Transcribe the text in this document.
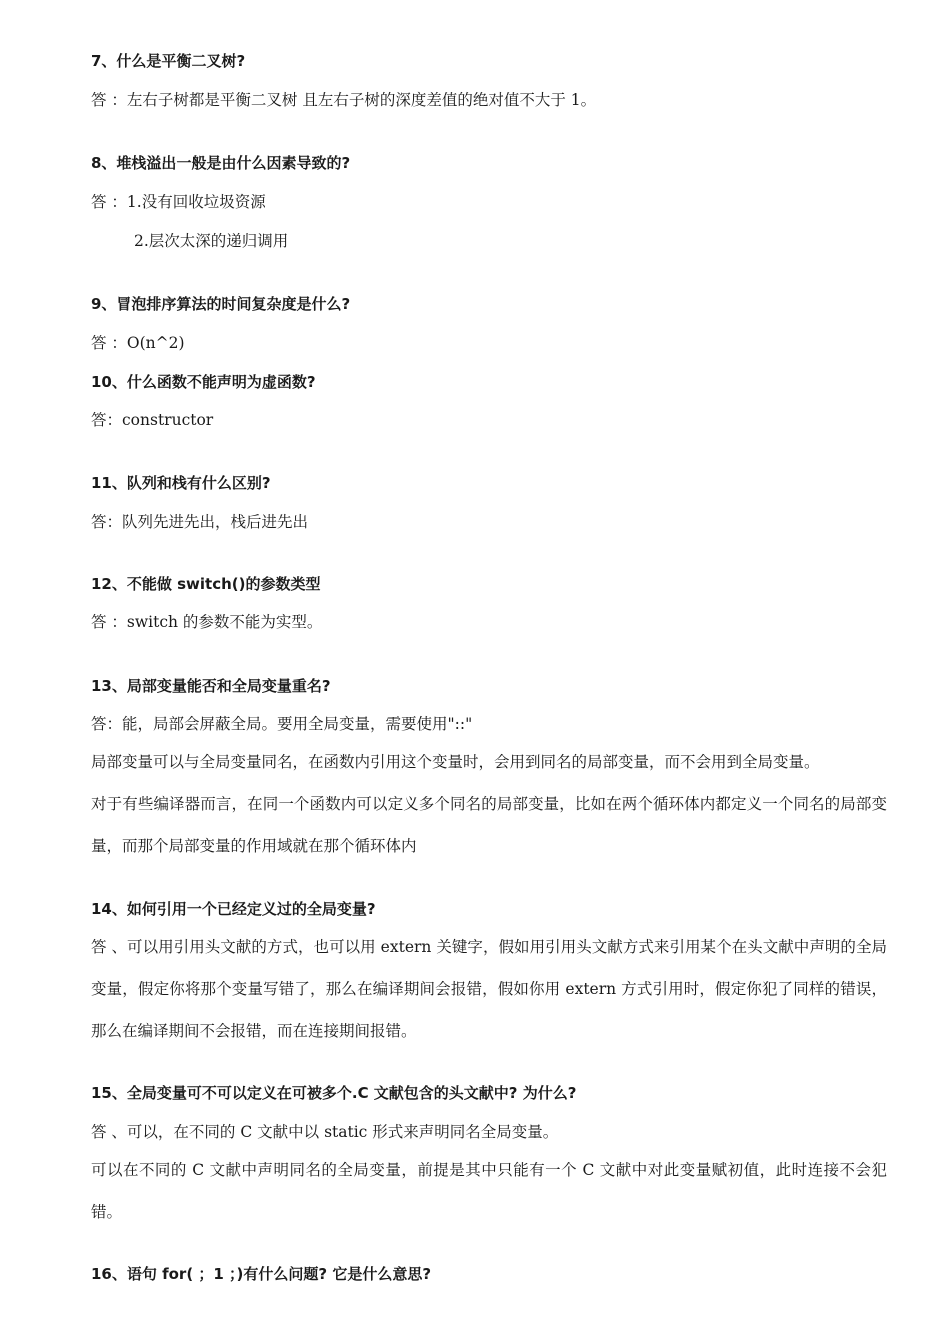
7、什么是平衡二叉树?
答 ：左右子树都是平衡二叉树 且左右子树的深度差值的绝对值不大于 1。
8、堆栈溢出一般是由什么因素导致的?
答 ：1.没有回收垃圾资源
2.层次太深的递归调用
9、冒泡排序算法的时间复杂度是什么?
答 ：O(n^2)
10、什么函数不能声明为虚函数?
答：constructor
11、队列和栈有什么区别?
答：队列先进先出，栈后进先出
12、不能做 switch()的参数类型
答 ：switch 的参数不能为实型。
13、局部变量能否和全局变量重名?
答：能，局部会屏蔽全局。要用全局变量，需要使用"::"
局部变量可以与全局变量同名，在函数内引用这个变量时，会用到同名的局部变量，而不会用到全局变量。
对于有些编译器而言，在同一个函数内可以定义多个同名的局部变量，比如在两个循环体内都定义一个同名的局部变量，而那个局部变量的作用域就在那个循环体内
14、如何引用一个已经定义过的全局变量?
答 、可以用引用头文献的方式，也可以用 extern 关键字，假如用引用头文献方式来引用某个在头文献中声明的全局变量，假定你将那个变量写错了，那么在编译期间会报错，假如你用 extern 方式引用时，假定你犯了同样的错误，那么在编译期间不会报错，而在连接期间报错。
15、全局变量可不可以定义在可被多个.C 文献包含的头文献中? 为什么?
答 、可以，在不同的 C 文献中以 static 形式来声明同名全局变量。
可以在不同的 C 文献中声明同名的全局变量，前提是其中只能有一个 C 文献中对此变量赋初值，此时连接不会犯错。
16、语句 for( ；1 ；)有什么问题? 它是什么意思?
